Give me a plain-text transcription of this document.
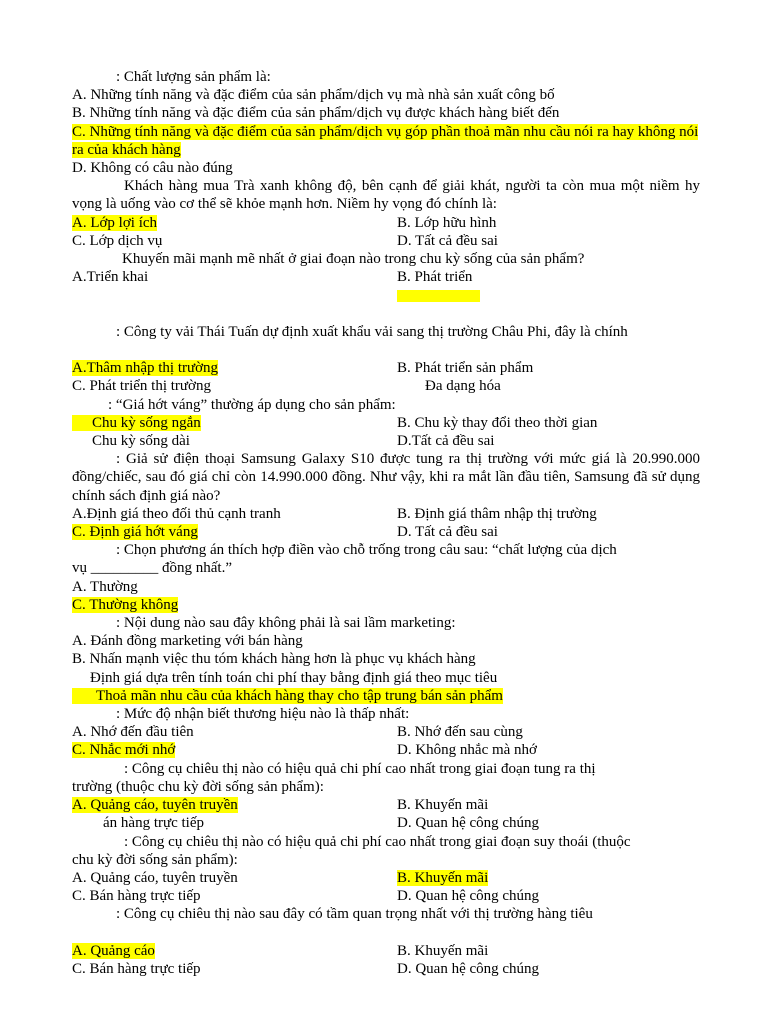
: Chất lượng sản phẩm là:
A. Những tính năng và đặc điểm của sản phẩm/dịch vụ mà nhà sản xuất công bố
B. Những tính năng và đặc điểm của sản phẩm/dịch vụ được khách hàng biết đến
C. Những tính năng và đặc điểm của sản phẩm/dịch vụ góp phần thoả mãn nhu cầu nói ra hay không nói ra của khách hàng
D. Không có câu nào đúng
Khách hàng mua Trà xanh không độ, bên cạnh để giải khát, người ta còn mua một niềm hy vọng là uống vào cơ thể sẽ khỏe mạnh hơn. Niềm hy vọng đó chính là:
A. Lớp lợi ích	B. Lớp hữu hình
C. Lớp dịch vụ	D. Tất cả đều sai
Khuyến mãi mạnh mẽ nhất ở giai đoạn nào trong chu kỳ sống của sản phẩm?
A.Triển khai	B. Phát triển
: Công ty vải Thái Tuấn dự định xuất khẩu vải sang thị trường Châu Phi, đây là chính
A.Thâm nhập thị trường	B. Phát triển sản phẩm
C. Phát triển thị trường	Đa dạng hóa
: “Giá hớt váng” thường áp dụng cho sản phẩm:
Chu kỳ sống ngắn	B. Chu kỳ thay đổi theo thời gian
Chu kỳ sống dài	D.Tất cả đều sai
: Giả sử điện thoại Samsung Galaxy S10 được tung ra thị trường với mức giá là 20.990.000 đồng/chiếc, sau đó giá chỉ còn 14.990.000 đồng. Như vậy, khi ra mắt lần đầu tiên, Samsung đã sử dụng chính sách định giá nào?
A.Định giá theo đối thủ cạnh tranh	B. Định giá thâm nhập thị trường
C. Định giá hớt váng	D. Tất cả đều sai
: Chọn phương án thích hợp điền vào chỗ trống trong câu sau: “chất lượng của dịch
vụ _________ đồng nhất.”
A. Thường
C. Thường không
: Nội dung nào sau đây không phải là sai lầm marketing:
A. Đánh đồng marketing với bán hàng
B. Nhấn mạnh việc thu tóm khách hàng hơn là phục vụ khách hàng
Định giá dựa trên tính toán chi phí thay bằng định giá theo mục tiêu
Thoả mãn nhu cầu của khách hàng thay cho tập trung bán sản phẩm
: Mức độ nhận biết thương hiệu nào là thấp nhất:
A. Nhớ đến đầu tiên	B. Nhớ đến sau cùng
C. Nhắc mới nhớ	D. Không nhắc mà nhớ
: Công cụ chiêu thị nào có hiệu quả chi phí cao nhất trong giai đoạn tung ra thị
trường (thuộc chu kỳ đời sống sản phẩm):
A. Quảng cáo, tuyên truyền	B. Khuyến mãi
án hàng trực tiếp	D. Quan hệ công chúng
: Công cụ chiêu thị nào có hiệu quả chi phí cao nhất trong giai đoạn suy thoái (thuộc
chu kỳ đời sống sản phẩm):
A. Quảng cáo, tuyên truyền	B. Khuyến mãi
C. Bán hàng trực tiếp	D. Quan hệ công chúng
: Công cụ chiêu thị nào sau đây có tầm quan trọng nhất với thị trường hàng tiêu
A. Quảng cáo	B. Khuyến mãi
C. Bán hàng trực tiếp	D. Quan hệ công chúng
